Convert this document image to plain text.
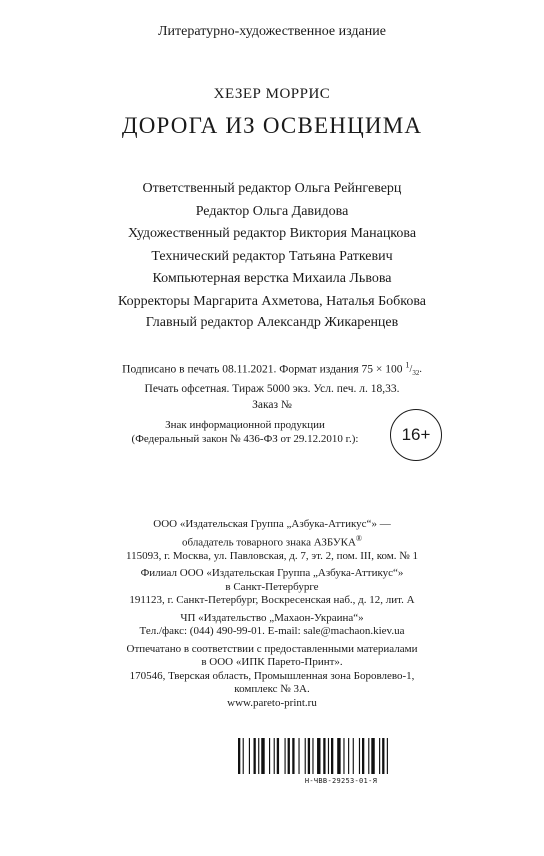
Литературно-художественное издание
ХЕЗЕР МОРРИС
ДОРОГА ИЗ ОСВЕНЦИМА
Ответственный редактор Ольга Рейнгеверц
Редактор Ольга Давидова
Художественный редактор Виктория Манацкова
Технический редактор Татьяна Раткевич
Компьютерная верстка Михаила Львова
Корректоры Маргарита Ахметова, Наталья Бобкова
Главный редактор Александр Жикаренцев
Подписано в печать 08.11.2021. Формат издания 75 × 100 $^1/_{32}$.
Печать офсетная. Тираж 5000 экз. Усл. печ. л. 18,33.
Заказ №
Знак информационной продукции
(Федеральный закон № 436-ФЗ от 29.12.2010 г.):	16+
ООО «Издательская Группа „Азбука-Аттикус“» —
обладатель товарного знака АЗБУКА®
115093, г. Москва, ул. Павловская, д. 7, эт. 2, пом. III, ком. № 1
Филиал ООО «Издательская Группа „Азбука-Аттикус“»
в Санкт-Петербурге
191123, г. Санкт-Петербург, Воскресенская наб., д. 12, лит. А
ЧП «Издательство „Махаон-Украина“»
Тел./факс: (044) 490-99-01. E-mail: sale@machaon.kiev.ua
Отпечатано в соответствии с предоставленными материалами
в ООО «ИПК Парето-Принт».
170546, Тверская область, Промышленная зона Боровлево-1,
комплекс № 3А.
www.pareto-print.ru
Н-ЧВВ-29253-01-Я
